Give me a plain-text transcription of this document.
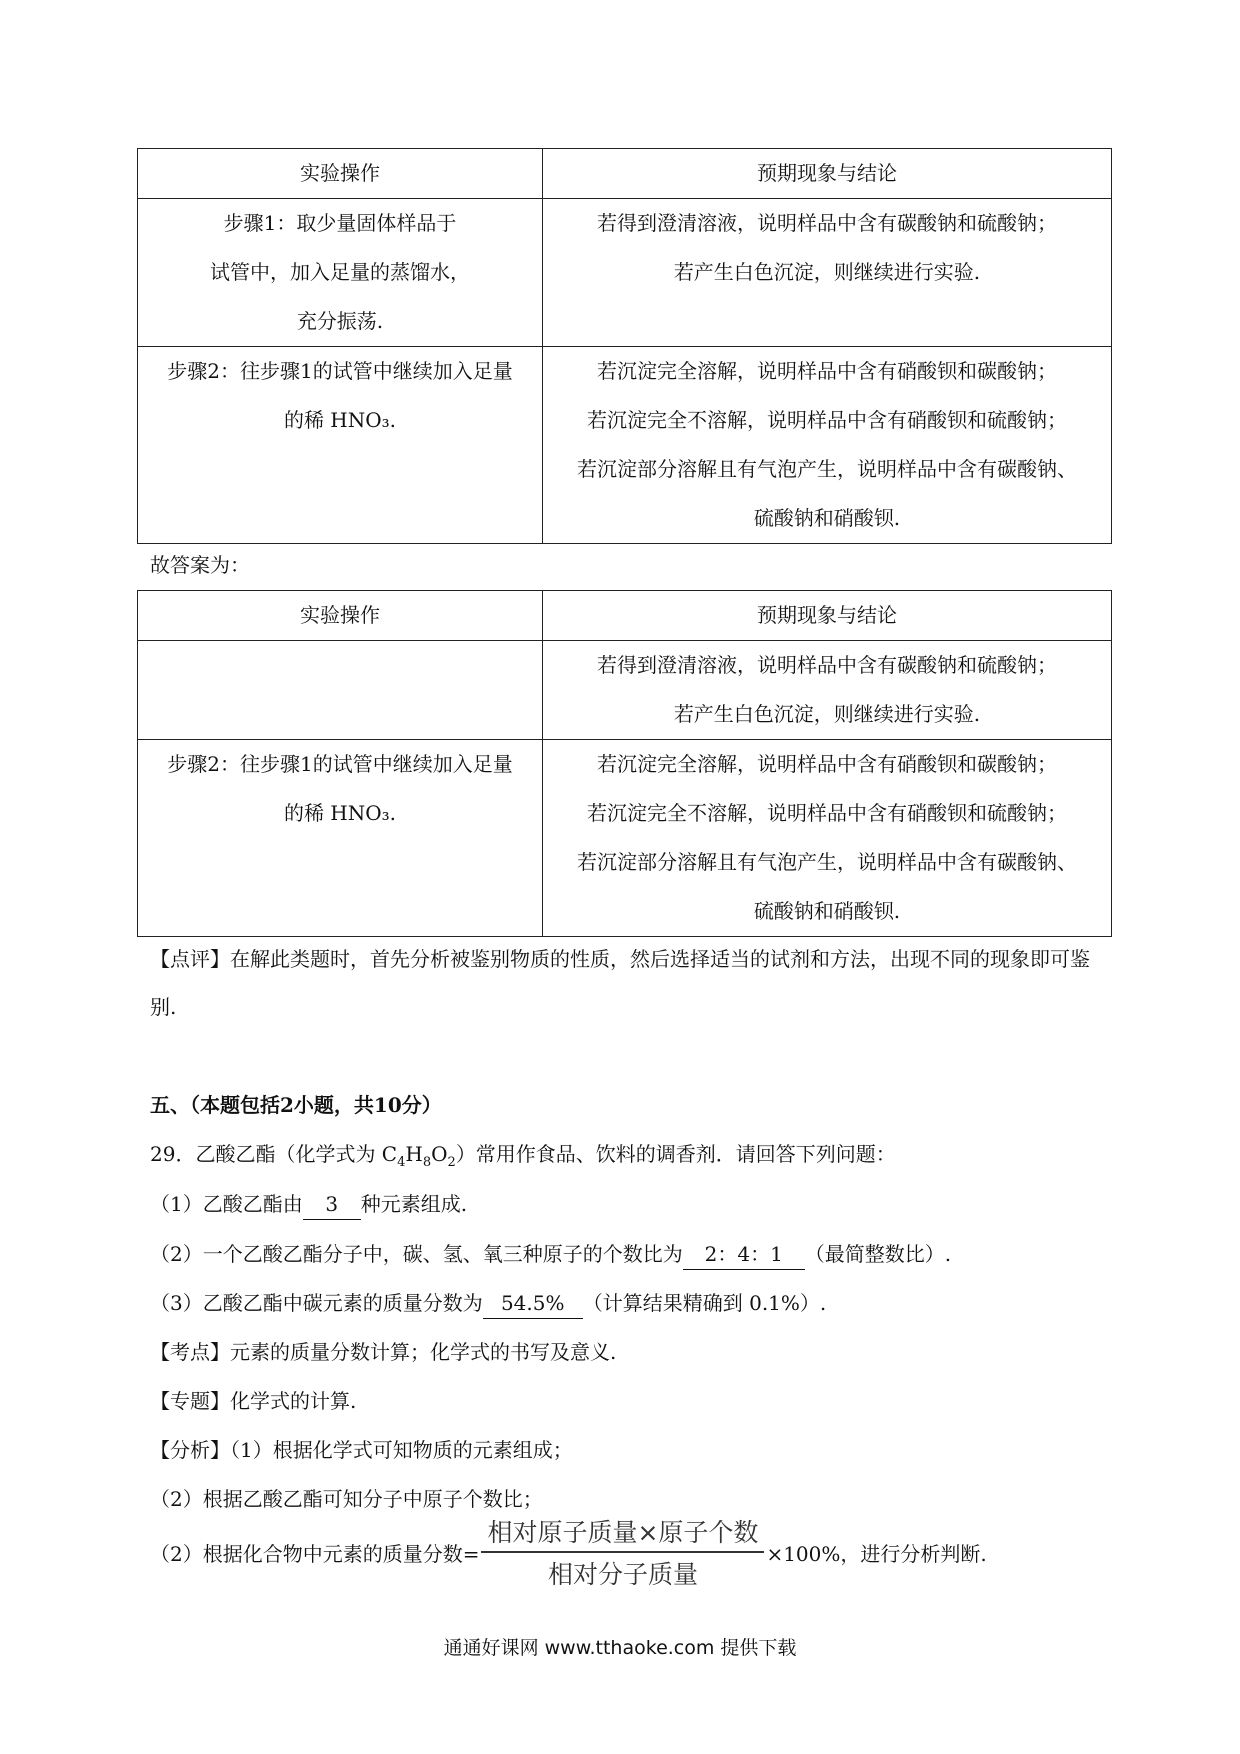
实验操作	预期现象与结论

步骤1：取少量固体样品于
试管中，加入足量的蒸馏水，
充分振荡.	若得到澄清溶液，说明样品中含有碳酸钠和硫酸钠；
若产生白色沉淀，则继续进行实验.

步骤2：往步骤1的试管中继续加入足量
的稀 HNO₃.	若沉淀完全溶解，说明样品中含有硝酸钡和碳酸钠；
若沉淀完全不溶解，说明样品中含有硝酸钡和硫酸钠；
若沉淀部分溶解且有气泡产生，说明样品中含有碳酸钠、
硫酸钠和硝酸钡.
故答案为：
实验操作	预期现象与结论

	若得到澄清溶液，说明样品中含有碳酸钠和硫酸钠；
若产生白色沉淀，则继续进行实验.

步骤2：往步骤1的试管中继续加入足量
的稀 HNO₃.	若沉淀完全溶解，说明样品中含有硝酸钡和碳酸钠；
若沉淀完全不溶解，说明样品中含有硝酸钡和硫酸钠；
若沉淀部分溶解且有气泡产生，说明样品中含有碳酸钠、
硫酸钠和硝酸钡.
【点评】在解此类题时，首先分析被鉴别物质的性质，然后选择适当的试剂和方法，出现不同的现象即可鉴别.
五、（本题包括2小题，共10分）
29．乙酸乙酯（化学式为 $C_4H_8O_2$）常用作食品、饮料的调香剂．请回答下列问题：
（1）乙酸乙酯由 3 种元素组成.
（2）一个乙酸乙酯分子中，碳、氢、氧三种原子的个数比为 2：4：1 （最简整数比）.
（3）乙酸乙酯中碳元素的质量分数为 54.5% （计算结果精确到 0.1%）.
【考点】元素的质量分数计算；化学式的书写及意义.
【专题】化学式的计算.
【分析】（1）根据化学式可知物质的元素组成；
（2）根据乙酸乙酯可知分子中原子个数比；
（2）根据化合物中元素的质量分数= $\frac{\text{相对原子质量×原子个数}}{\text{相对分子质量}} \times 100\%$，进行分析判断.
通通好课网 www.tthaoke.com 提供下载
